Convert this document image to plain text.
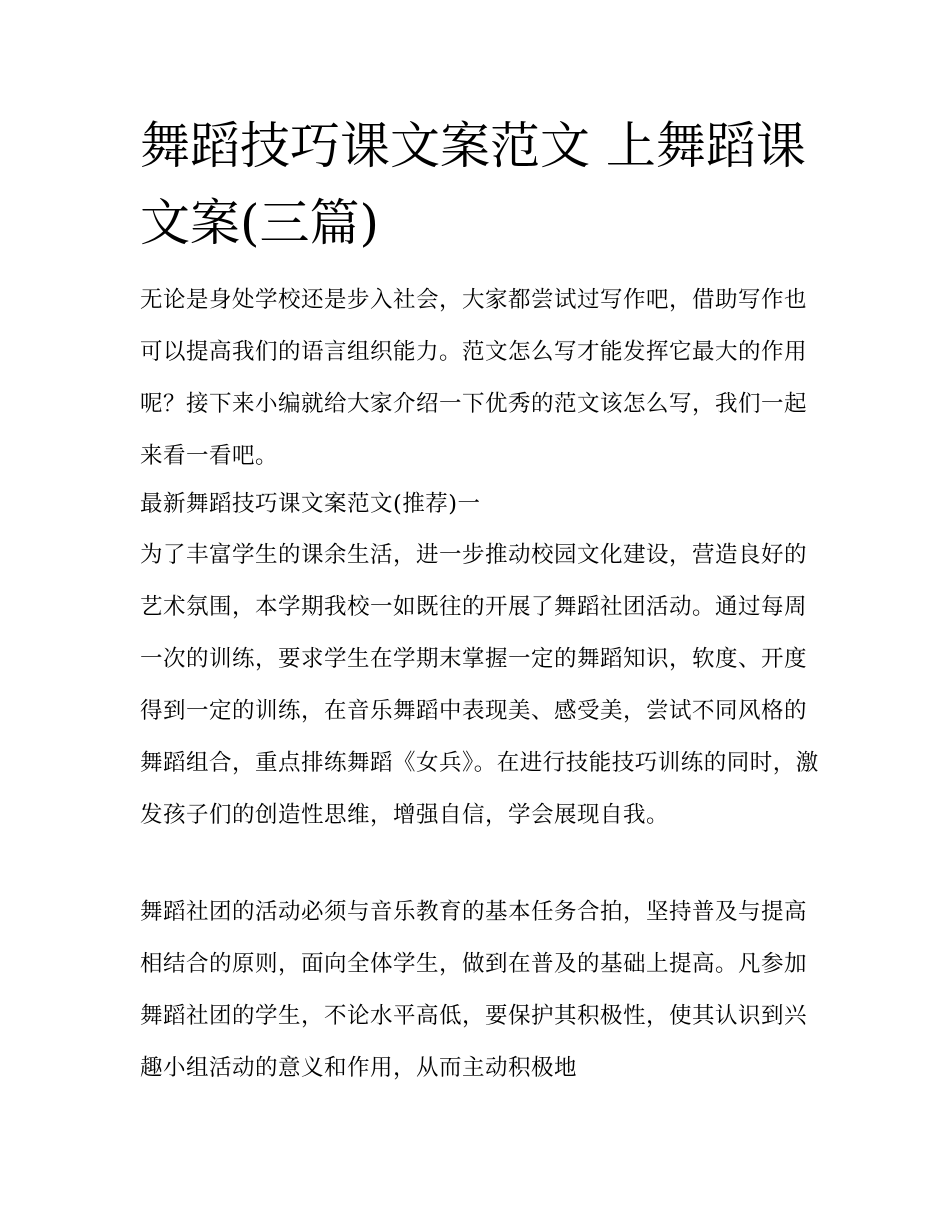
舞蹈技巧课文案范文 上舞蹈课文案(三篇)

无论是身处学校还是步入社会，大家都尝试过写作吧，借助写作也可以提高我们的语言组织能力。范文怎么写才能发挥它最大的作用呢？接下来小编就给大家介绍一下优秀的范文该怎么写，我们一起来看一看吧。

最新舞蹈技巧课文案范文(推荐)一

为了丰富学生的课余生活，进一步推动校园文化建设，营造良好的艺术氛围，本学期我校一如既往的开展了舞蹈社团活动。通过每周一次的训练，要求学生在学期末掌握一定的舞蹈知识，软度、开度得到一定的训练，在音乐舞蹈中表现美、感受美，尝试不同风格的舞蹈组合，重点排练舞蹈《女兵》。在进行技能技巧训练的同时，激发孩子们的创造性思维，增强自信，学会展现自我。

舞蹈社团的活动必须与音乐教育的基本任务合拍，坚持普及与提高相结合的原则，面向全体学生，做到在普及的基础上提高。凡参加舞蹈社团的学生，不论水平高低，要保护其积极性，使其认识到兴趣小组活动的意义和作用，从而主动积极地
